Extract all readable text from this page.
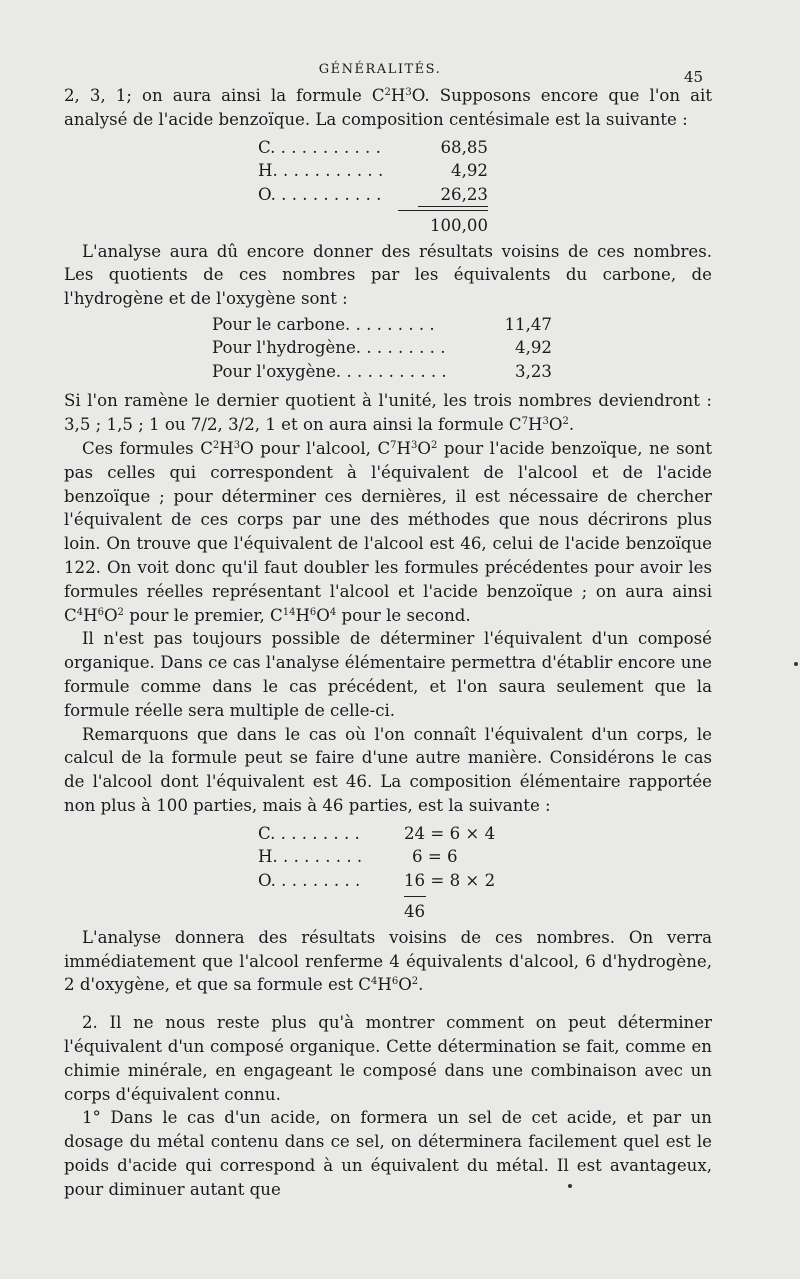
GÉNÉRALITÉS.	45

2, 3, 1; on aura ainsi la formule $C^2H^3O$. Supposons encore que l'on ait analysé de l'acide benzoïque. La composition centésimale est la suivante :

C. . . . . . . . . . .	68,85
H. . . . . . . . . . .	4,92
O. . . . . . . . . . .	26,23
100,00

L'analyse aura dû encore donner des résultats voisins de ces nombres. Les quotients de ces nombres par les équivalents du carbone, de l'hydrogène et de l'oxygène sont :

Pour le carbone. . . . . . . . .	11,47
Pour l'hydrogène. . . . . . . . .	4,92
Pour l'oxygène. . . . . . . . . . .	3,23

Si l'on ramène le dernier quotient à l'unité, les trois nombres deviendront : 3,5 ; 1,5 ; 1 ou 7/2, 3/2, 1 et on aura ainsi la formule $C^7H^3O^2$.

Ces formules $C^2H^3O$ pour l'alcool, $C^7H^3O^2$ pour l'acide benzoïque, ne sont pas celles qui correspondent à l'équivalent de l'alcool et de l'acide benzoïque ; pour déterminer ces dernières, il est nécessaire de chercher l'équivalent de ces corps par une des méthodes que nous décrirons plus loin. On trouve que l'équivalent de l'alcool est 46, celui de l'acide benzoïque 122. On voit donc qu'il faut doubler les formules précédentes pour avoir les formules réelles représentant l'alcool et l'acide benzoïque ; on aura ainsi $C^4H^6O^2$ pour le premier, $C^{14}H^6O^4$ pour le second.

Il n'est pas toujours possible de déterminer l'équivalent d'un composé organique. Dans ce cas l'analyse élémentaire permettra d'établir encore une formule comme dans le cas précédent, et l'on saura seulement que la formule réelle sera multiple de celle-ci.

Remarquons que dans le cas où l'on connaît l'équivalent d'un corps, le calcul de la formule peut se faire d'une autre manière. Considérons le cas de l'alcool dont l'équivalent est 46. La composition élémentaire rapportée non plus à 100 parties, mais à 46 parties, est la suivante :

C. . . . . . . . .	24 = 6 × 4
H. . . . . . . . .	6 = 6
O. . . . . . . . .	16 = 8 × 2
46

L'analyse donnera des résultats voisins de ces nombres. On verra immédiatement que l'alcool renferme 4 équivalents d'alcool, 6 d'hydrogène, 2 d'oxygène, et que sa formule est $C^4H^6O^2$.

2. Il ne nous reste plus qu'à montrer comment on peut déterminer l'équivalent d'un composé organique. Cette détermination se fait, comme en chimie minérale, en engageant le composé dans une combinaison avec un corps d'équivalent connu.

1° Dans le cas d'un acide, on formera un sel de cet acide, et par un dosage du métal contenu dans ce sel, on déterminera facilement quel est le poids d'acide qui correspond à un équivalent du métal. Il est avantageux, pour diminuer autant que
